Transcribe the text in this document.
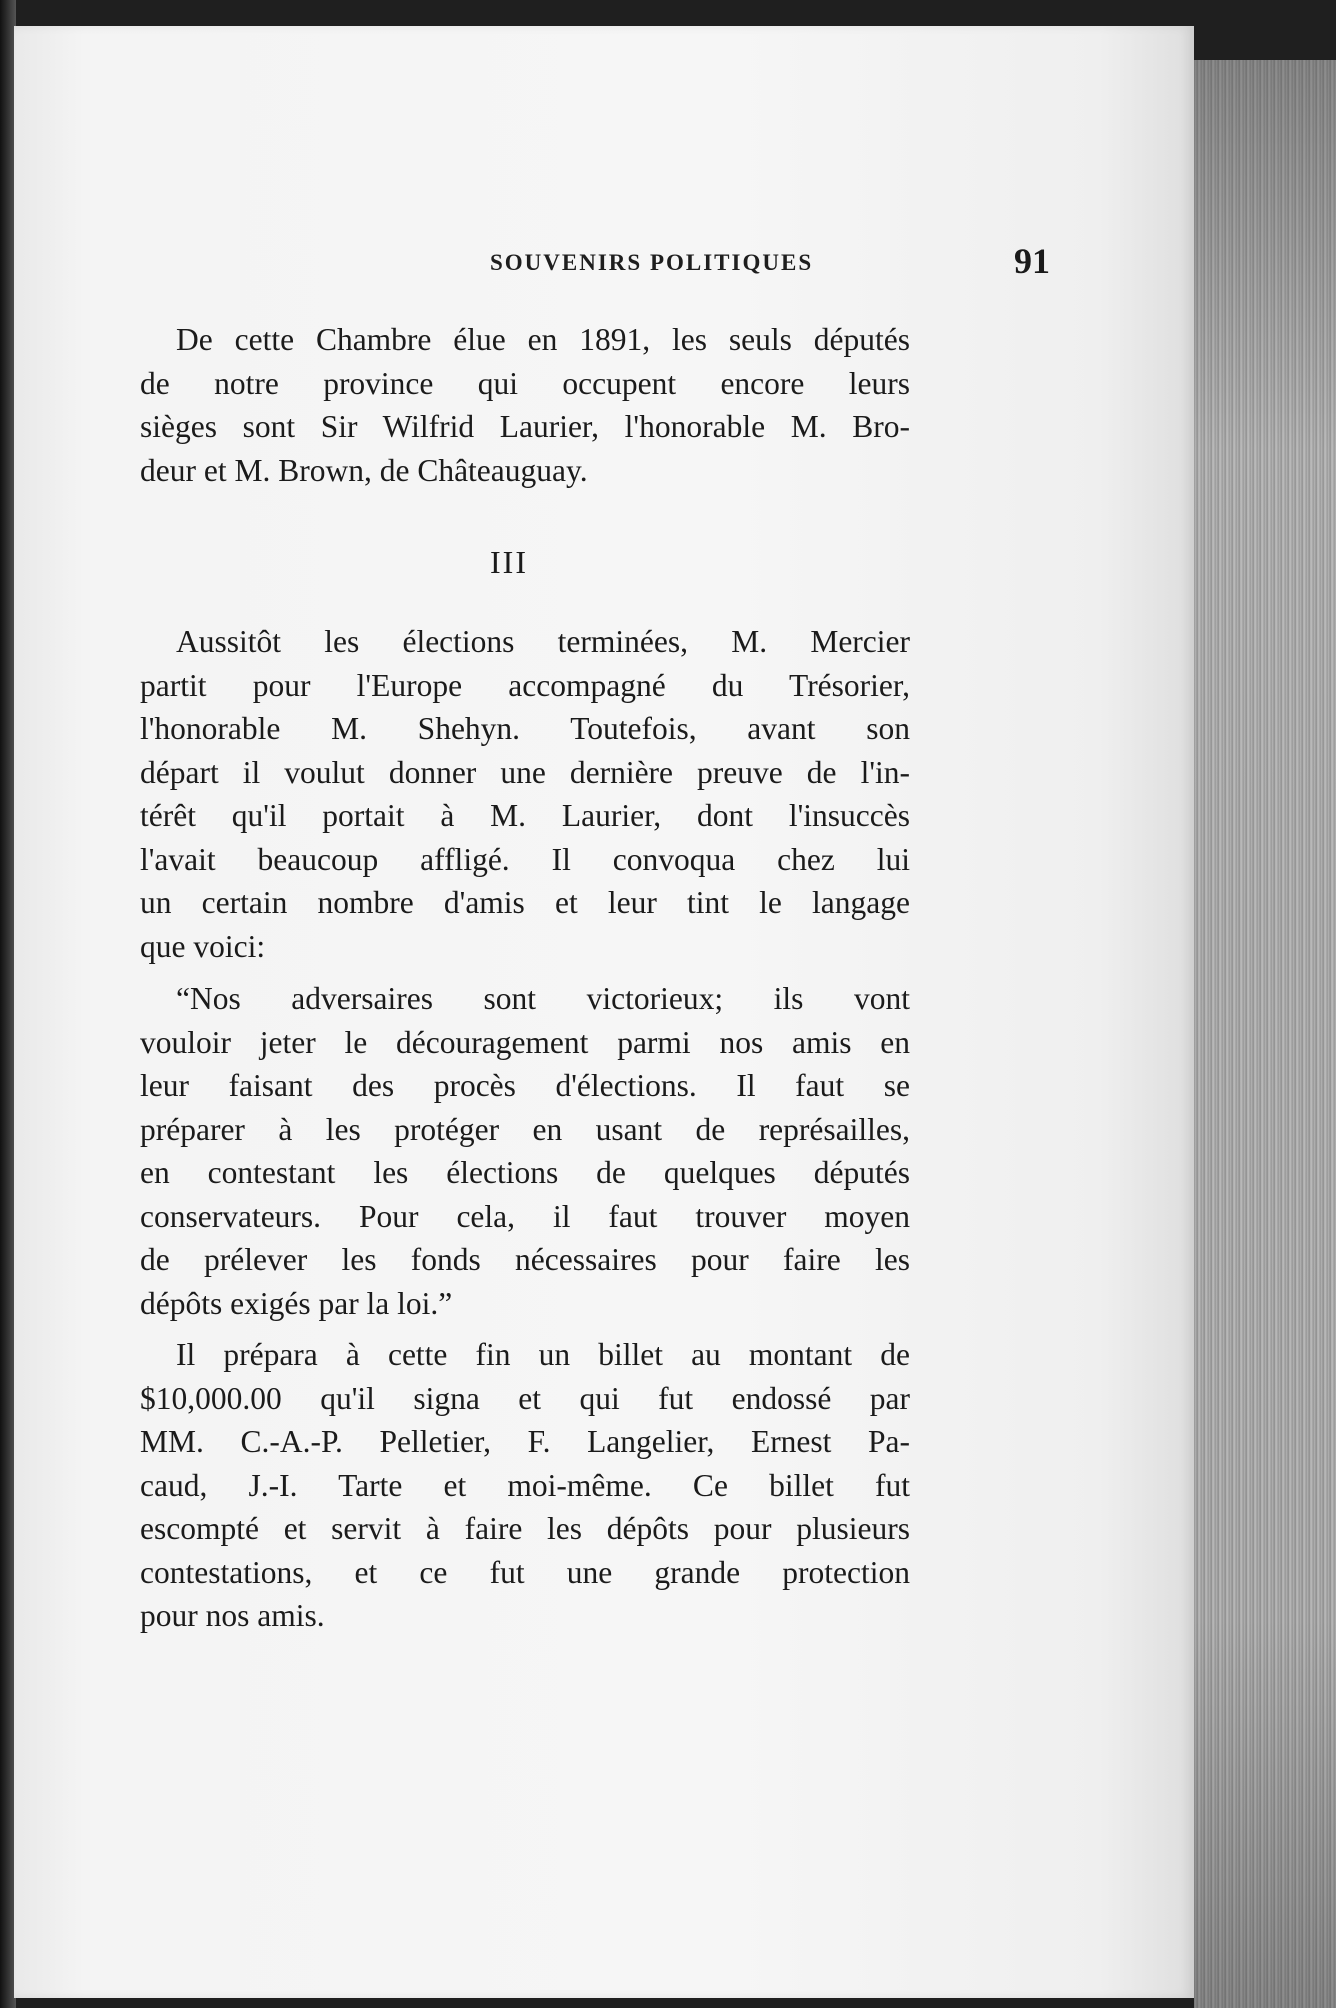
SOUVENIRS POLITIQUES	91
De cette Chambre élue en 1891, les seuls députés
de notre province qui occupent encore leurs
sièges sont Sir Wilfrid Laurier, l'honorable M. Bro-
deur et M. Brown, de Châteauguay.
III
Aussitôt les élections terminées, M. Mercier
partit pour l'Europe accompagné du Trésorier,
l'honorable M. Shehyn. Toutefois, avant son
départ il voulut donner une dernière preuve de l'in-
térêt qu'il portait à M. Laurier, dont l'insuccès
l'avait beaucoup affligé. Il convoqua chez lui
un certain nombre d'amis et leur tint le langage
que voici:
“Nos adversaires sont victorieux; ils vont
vouloir jeter le découragement parmi nos amis en
leur faisant des procès d'élections. Il faut se
préparer à les protéger en usant de représailles,
en contestant les élections de quelques députés
conservateurs. Pour cela, il faut trouver moyen
de prélever les fonds nécessaires pour faire les
dépôts exigés par la loi.”
Il prépara à cette fin un billet au montant de
$10,000.00 qu'il signa et qui fut endossé par
MM. C.-A.-P. Pelletier, F. Langelier, Ernest Pa-
caud, J.-I. Tarte et moi-même. Ce billet fut
escompté et servit à faire les dépôts pour plusieurs
contestations, et ce fut une grande protection
pour nos amis.
